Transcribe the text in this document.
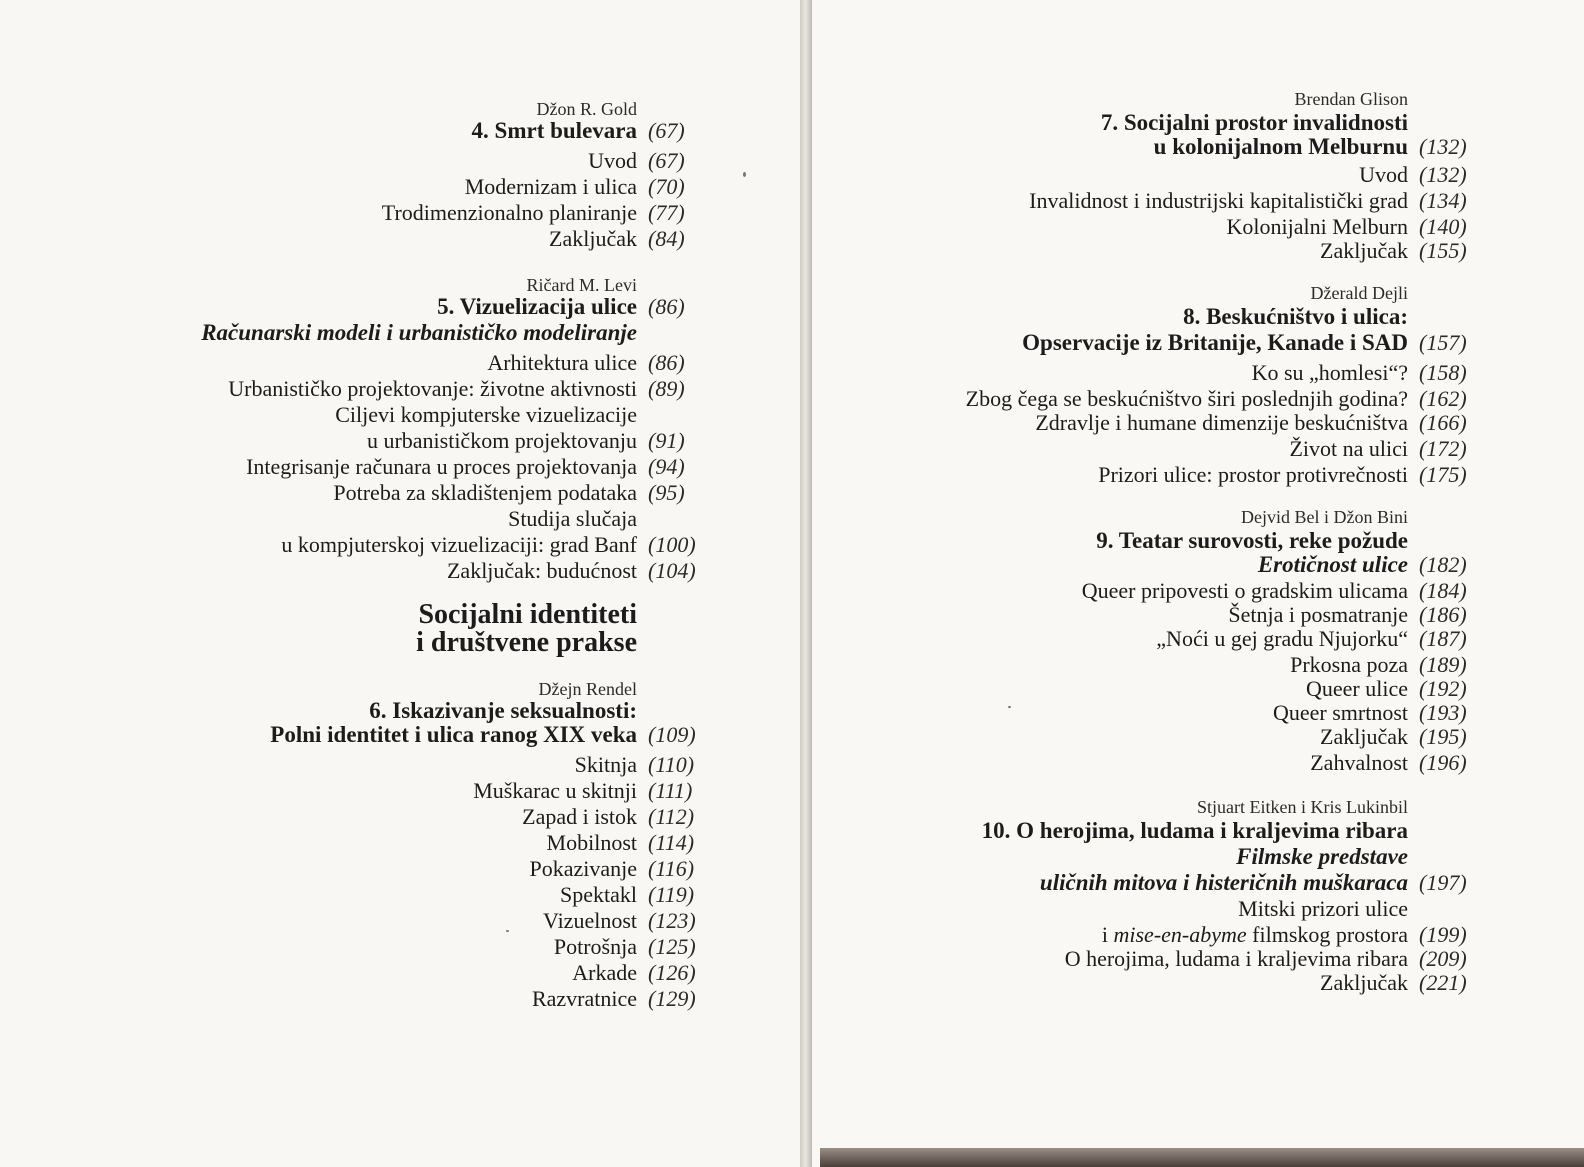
Džon R. Gold
4. Smrt bulevara (67)
Uvod (67)
Modernizam i ulica (70)
Trodimenzionalno planiranje (77)
Zaključak (84)
Ričard M. Levi
5. Vizuelizacija ulice (86)
Računarski modeli i urbanističko modeliranje
Arhitektura ulice (86)
Urbanističko projektovanje: životne aktivnosti (89)
Ciljevi kompjuterske vizuelizacije
u urbanističkom projektovanju (91)
Integrisanje računara u proces projektovanja (94)
Potreba za skladištenjem podataka (95)
Studija slučaja
u kompjuterskoj vizuelizaciji: grad Banf (100)
Zaključak: budućnost (104)
Socijalni identiteti
i društvene prakse
Džejn Rendel
6. Iskazivanje seksualnosti:
Polni identitet i ulica ranog XIX veka (109)
Skitnja (110)
Muškarac u skitnji (111)
Zapad i istok (112)
Mobilnost (114)
Pokazivanje (116)
Spektakl (119)
Vizuelnost (123)
Potrošnja (125)
Arkade (126)
Razvratnice (129)
Brendan Glison
7. Socijalni prostor invalidnosti
u kolonijalnom Melburnu (132)
Uvod (132)
Invalidnost i industrijski kapitalistički grad (134)
Kolonijalni Melburn (140)
Zaključak (155)
Džerald Dejli
8. Beskućništvo i ulica:
Opservacije iz Britanije, Kanade i SAD (157)
Ko su „homlesi“? (158)
Zbog čega se beskućništvo širi poslednjih godina? (162)
Zdravlje i humane dimenzije beskućništva (166)
Život na ulici (172)
Prizori ulice: prostor protivrečnosti (175)
Dejvid Bel i Džon Bini
9. Teatar surovosti, reke požude
Erotičnost ulice (182)
Queer pripovesti o gradskim ulicama (184)
Šetnja i posmatranje (186)
„Noći u gej gradu Njujorku“ (187)
Prkosna poza (189)
Queer ulice (192)
Queer smrtnost (193)
Zaključak (195)
Zahvalnost (196)
Stjuart Eitken i Kris Lukinbil
10. O herojima, ludama i kraljevima ribara
Filmske predstave
uličnih mitova i histeričnih muškaraca (197)
Mitski prizori ulice
i mise-en-abyme filmskog prostora (199)
O herojima, ludama i kraljevima ribara (209)
Zaključak (221)
